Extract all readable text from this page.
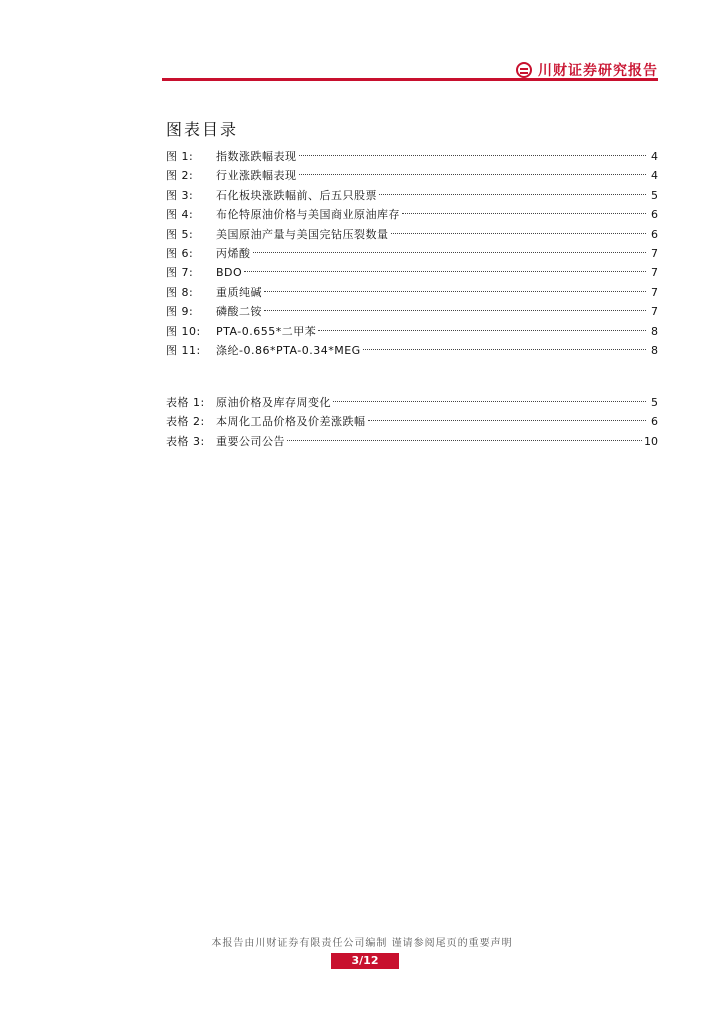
川财证券研究报告
图表目录
图 1:	指数涨跌幅表现	4
图 2:	行业涨跌幅表现	4
图 3:	石化板块涨跌幅前、后五只股票	5
图 4:	布伦特原油价格与美国商业原油库存	6
图 5:	美国原油产量与美国完钻压裂数量	6
图 6:	丙烯酸	7
图 7:	BDO	7
图 8:	重质纯碱	7
图 9:	磷酸二铵	7
图 10:	PTA-0.655*二甲苯	8
图 11:	涤纶-0.86*PTA-0.34*MEG	8
表格 1:	原油价格及库存周变化	5
表格 2:	本周化工品价格及价差涨跌幅	6
表格 3:	重要公司公告	10
本报告由川财证券有限责任公司编制 谨请参阅尾页的重要声明
3/12
